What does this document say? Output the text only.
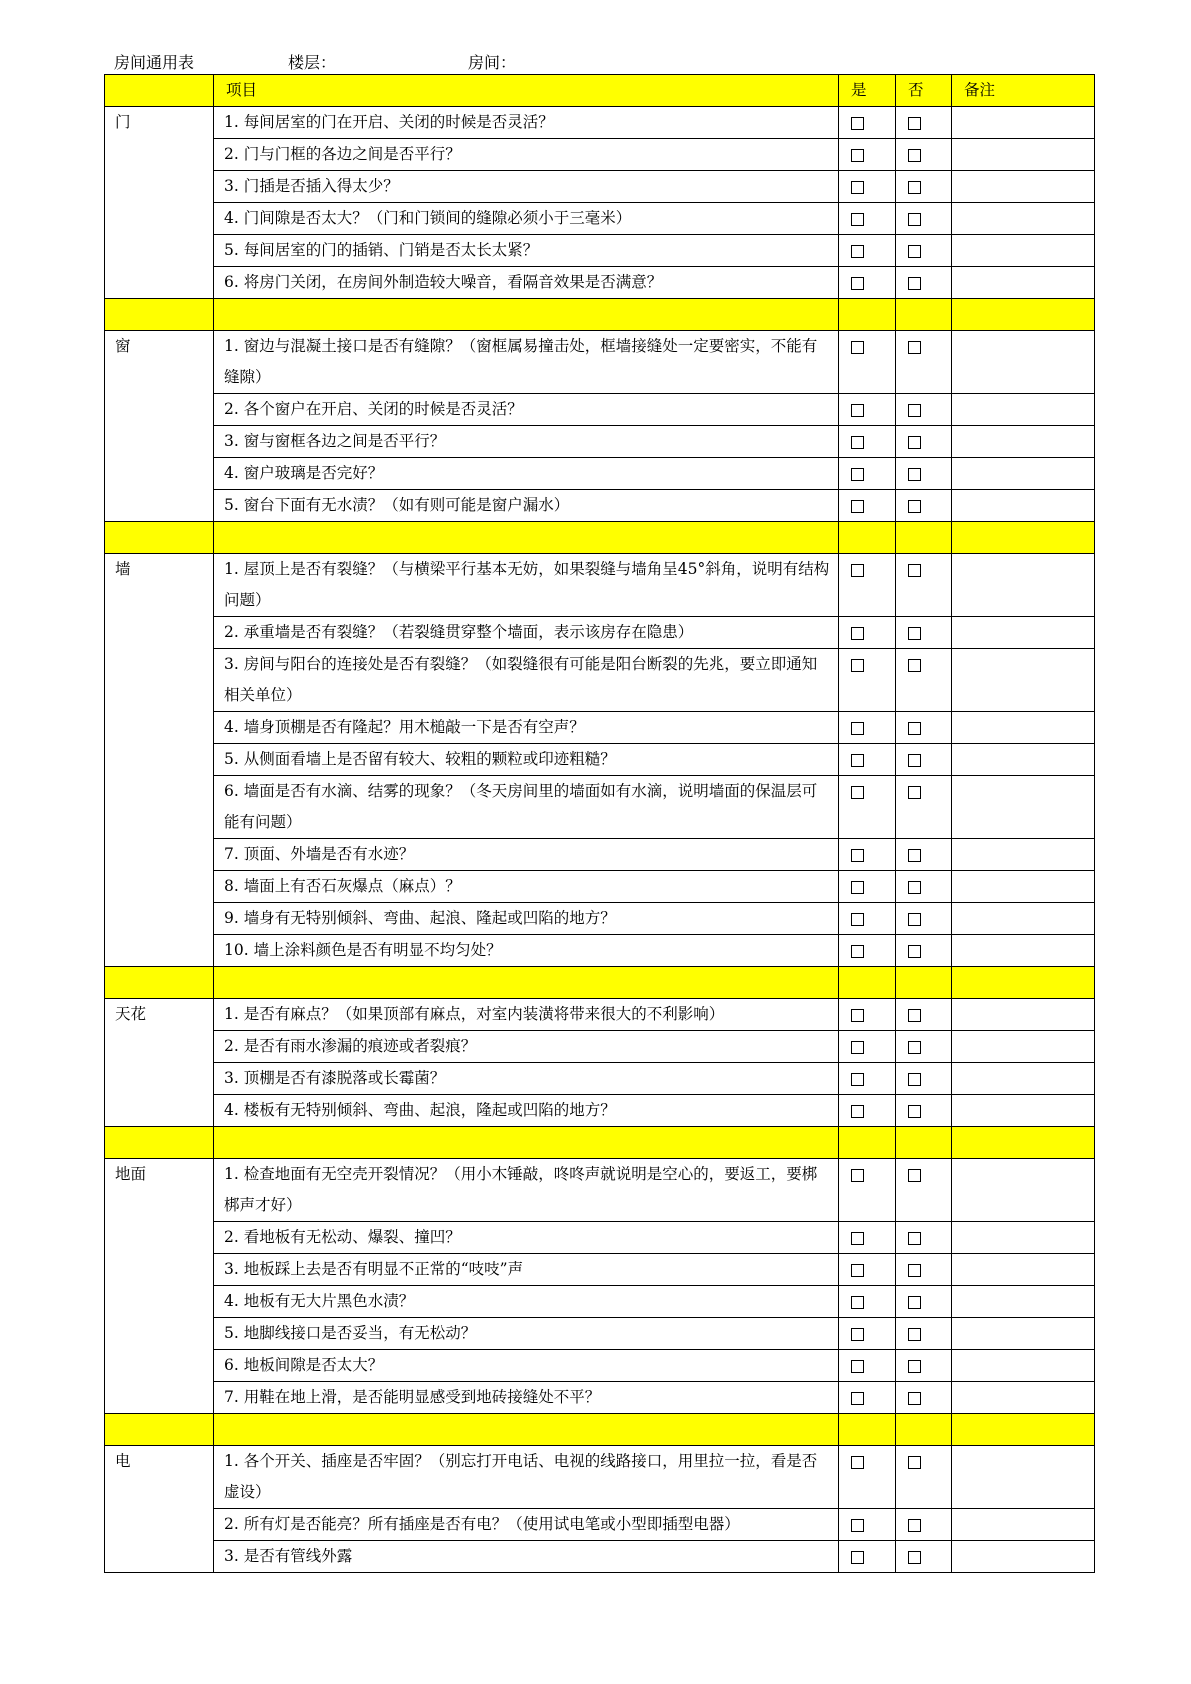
房间通用表	楼层：	房间：

	项目	是	否	备注

门	1. 每间居室的门在开启、关闭的时候是否灵活？			

	2. 门与门框的各边之间是否平行？			

	3. 门插是否插入得太少？			

	4. 门间隙是否太大？（门和门锁间的缝隙必须小于三毫米）			

	5. 每间居室的门的插销、门销是否太长太紧？			

	6. 将房门关闭，在房间外制造较大噪音，看隔音效果是否满意？			

窗	1. 窗边与混凝土接口是否有缝隙？（窗框属易撞击处，框墙接缝处一定要密实，不能有缝隙）			

	2. 各个窗户在开启、关闭的时候是否灵活？			

	3. 窗与窗框各边之间是否平行？			

	4. 窗户玻璃是否完好？			

	5. 窗台下面有无水渍？（如有则可能是窗户漏水）			

墙	1. 屋顶上是否有裂缝？（与横梁平行基本无妨，如果裂缝与墙角呈45°斜角，说明有结构问题）			

	2. 承重墙是否有裂缝？（若裂缝贯穿整个墙面，表示该房存在隐患）			

	3. 房间与阳台的连接处是否有裂缝？（如裂缝很有可能是阳台断裂的先兆，要立即通知相关单位）			

	4. 墙身顶棚是否有隆起？用木槌敲一下是否有空声？			

	5. 从侧面看墙上是否留有较大、较粗的颗粒或印迹粗糙？			

	6. 墙面是否有水滴、结雾的现象？（冬天房间里的墙面如有水滴，说明墙面的保温层可能有问题）			

	7. 顶面、外墙是否有水迹？			

	8. 墙面上有否石灰爆点（麻点）？			

	9. 墙身有无特别倾斜、弯曲、起浪、隆起或凹陷的地方？			

	10. 墙上涂料颜色是否有明显不均匀处？			

天花	1. 是否有麻点？（如果顶部有麻点，对室内装潢将带来很大的不利影响）			

	2. 是否有雨水渗漏的痕迹或者裂痕？			

	3. 顶棚是否有漆脱落或长霉菌？			

	4. 楼板有无特别倾斜、弯曲、起浪，隆起或凹陷的地方？			

地面	1. 检查地面有无空壳开裂情况？（用小木锤敲，咚咚声就说明是空心的，要返工，要梆梆声才好）			

	2. 看地板有无松动、爆裂、撞凹？			

	3. 地板踩上去是否有明显不正常的“吱吱”声			

	4. 地板有无大片黑色水渍？			

	5. 地脚线接口是否妥当，有无松动？			

	6. 地板间隙是否太大？			

	7. 用鞋在地上滑，是否能明显感受到地砖接缝处不平？			

电	1. 各个开关、插座是否牢固？（别忘打开电话、电视的线路接口，用里拉一拉，看是否虚设）			

	2. 所有灯是否能亮？所有插座是否有电？（使用试电笔或小型即插型电器）			

	3. 是否有管线外露			
